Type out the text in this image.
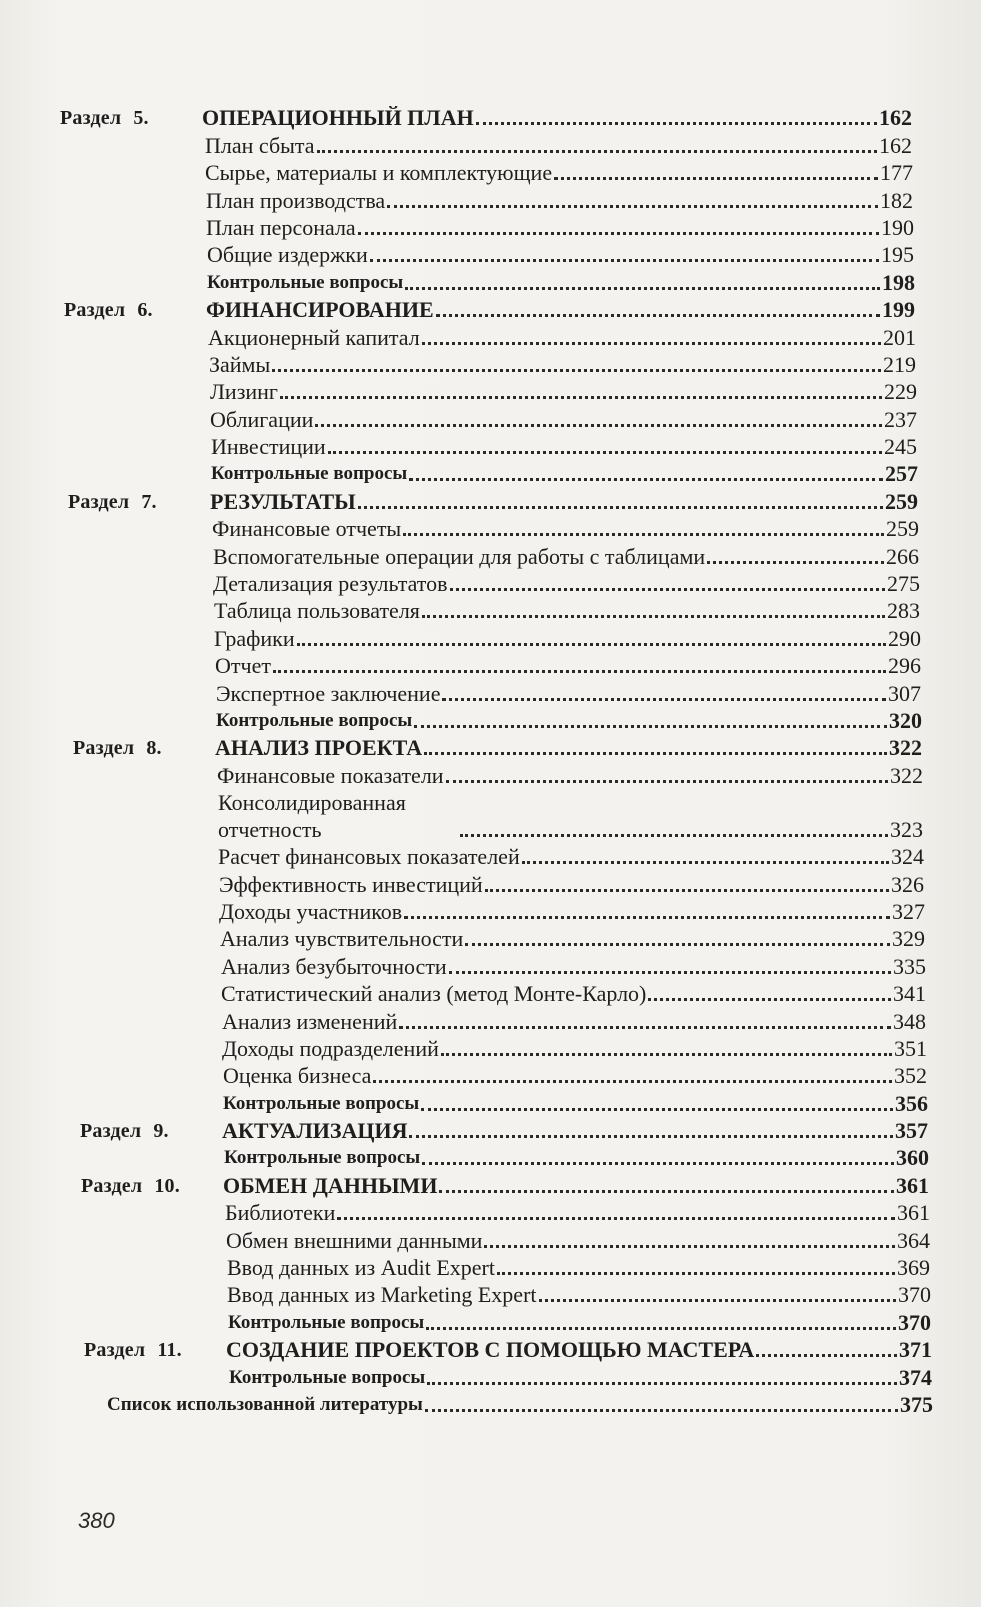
Раздел 5. ОПЕРАЦИОННЫЙ ПЛАН	162
План сбыта	162
Сырье, материалы и комплектующие	177
План производства	182
План персонала	190
Общие издержки	195
Контрольные вопросы	198
Раздел 6. ФИНАНСИРОВАНИЕ	199
Акционерный капитал	201
Займы	219
Лизинг	229
Облигации	237
Инвестиции	245
Контрольные вопросы	257
Раздел 7. РЕЗУЛЬТАТЫ	259
Финансовые отчеты	259
Вспомогательные операции для работы с таблицами	266
Детализация результатов	275
Таблица пользователя	283
Графики	290
Отчет	296
Экспертное заключение	307
Контрольные вопросы	320
Раздел 8. АНАЛИЗ ПРОЕКТА	322
Финансовые показатели	322
Консолидированная отчетность	323
Расчет финансовых показателей	324
Эффективность инвестиций	326
Доходы участников	327
Анализ чувствительности	329
Анализ безубыточности	335
Статистический анализ (метод Монте-Карло)	341
Анализ изменений	348
Доходы подразделений	351
Оценка бизнеса	352
Контрольные вопросы	356
Раздел 9. АКТУАЛИЗАЦИЯ	357
Контрольные вопросы	360
Раздел 10. ОБМЕН ДАННЫМИ	361
Библиотеки	361
Обмен внешними данными	364
Ввод данных из Audit Expert	369
Ввод данных из Marketing Expert	370
Контрольные вопросы	370
Раздел 11. СОЗДАНИЕ ПРОЕКТОВ С ПОМОЩЬЮ МАСТЕРА	371
Контрольные вопросы	374
Список использованной литературы	375
380
